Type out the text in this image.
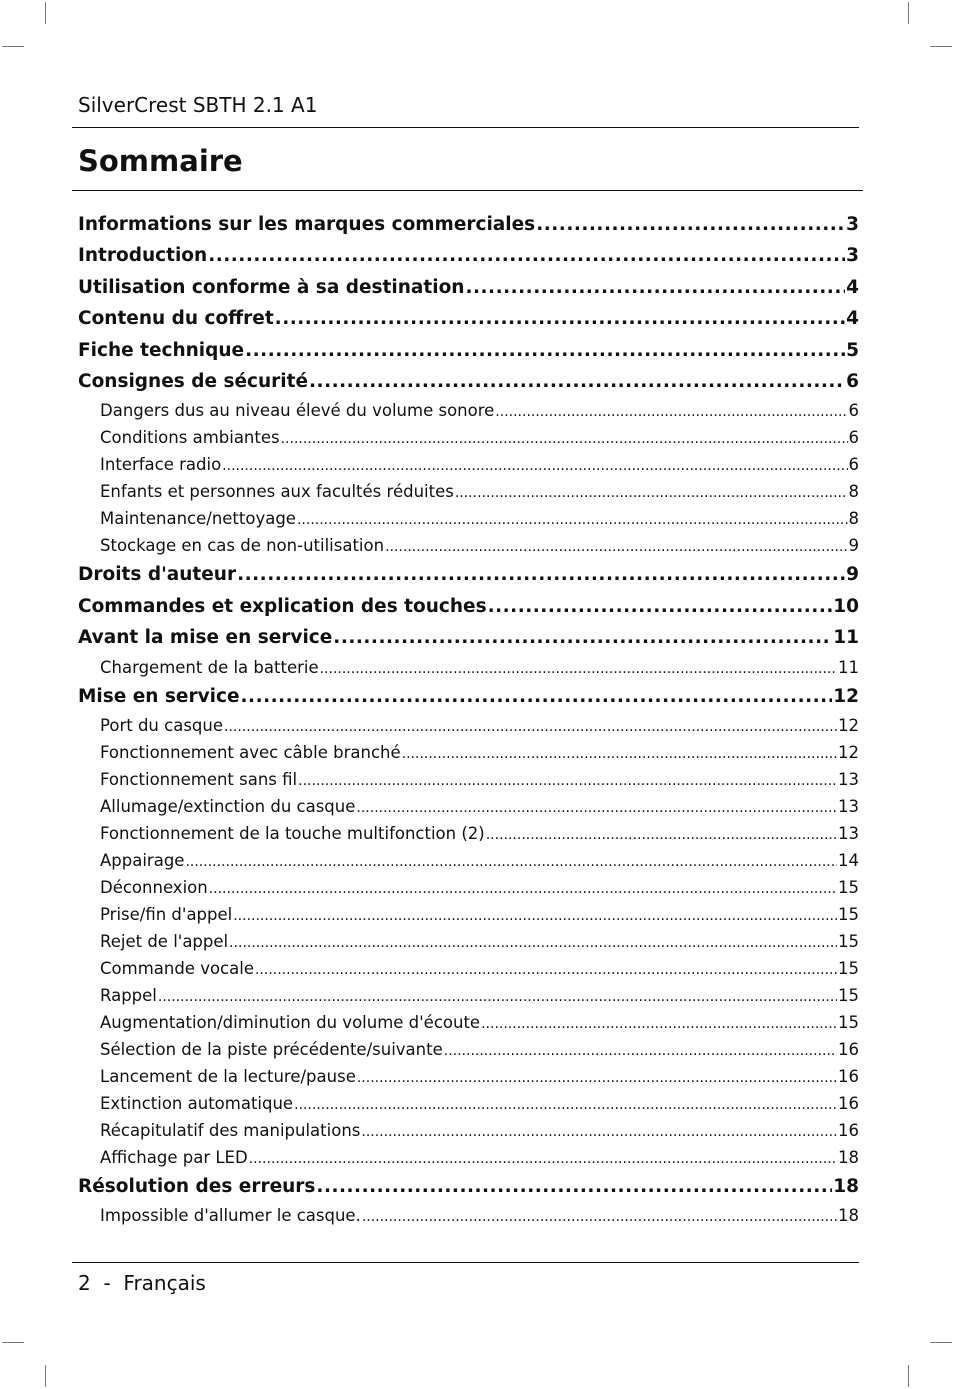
SilverCrest SBTH 2.1 A1
Sommaire
Informations sur les marques commerciales .....	3
Introduction .....	3
Utilisation conforme à sa destination .....	4
Contenu du coffret .....	4
Fiche technique .....	5
Consignes de sécurité .....	6
Dangers dus au niveau élevé du volume sonore .....	6
Conditions ambiantes .....	6
Interface radio .....	6
Enfants et personnes aux facultés réduites .....	8
Maintenance/nettoyage .....	8
Stockage en cas de non-utilisation .....	9
Droits d'auteur .....	9
Commandes et explication des touches .....	10
Avant la mise en service .....	11
Chargement de la batterie .....	11
Mise en service .....	12
Port du casque .....	12
Fonctionnement avec câble branché .....	12
Fonctionnement sans fil .....	13
Allumage/extinction du casque .....	13
Fonctionnement de la touche multifonction (2) .....	13
Appairage .....	14
Déconnexion .....	15
Prise/fin d'appel .....	15
Rejet de l'appel .....	15
Commande vocale .....	15
Rappel .....	15
Augmentation/diminution du volume d'écoute .....	15
Sélection de la piste précédente/suivante .....	16
Lancement de la lecture/pause .....	16
Extinction automatique .....	16
Récapitulatif des manipulations .....	16
Affichage par LED .....	18
Résolution des erreurs .....	18
Impossible d'allumer le casque. .....	18
2 - Français
